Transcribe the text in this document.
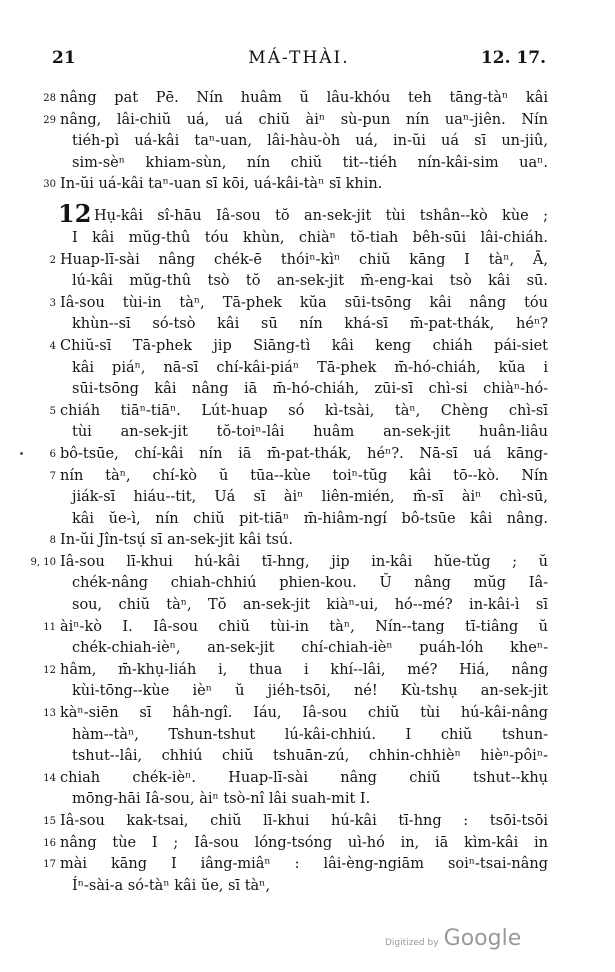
21	MÁ-THÀI.	12. 17.
28 nâng pat Pē. Nín huâm ŭ lâu-khóu teh tāng-tàⁿ kâi
29 nâng, lâi-chiŭ uá, uá chiŭ àiⁿ sù-pun nín uaⁿ-jiên. Nín
tiéh-pì uá-kâi taⁿ-uan, lâi-hàu-òh uá, in-ŭi uá sī un-jiû,
sim-sèⁿ khiam-sùn, nín chiŭ tit--tiéh nín-kâi-sim uaⁿ.
30 In-ŭi uá-kâi taⁿ-uan sī kōi, uá-kâi-tàⁿ sī khin.
12 Hụ-kâi sî-hāu Iâ-sou tŏ an-sek-jit tùi tshân--kò kùe ;
I kâi mŭg-thû tóu khùn, chiàⁿ tŏ-tiah bêh-sūi lâi-chiáh.
2 Huap-lī-sài nâng chék-ē thóiⁿ-kìⁿ chiŭ kāng I tàⁿ, Ā,
lú-kâi mŭg-thû tsò tŏ an-sek-jit m̄-eng-kai tsò kâi sū.
3 Iâ-sou tùi-in tàⁿ, Tā-phek kŭa sūi-tsōng kâi nâng tóu
khùn--sī só-tsò kâi sū nín khá-sī m̄-pat-thák, héⁿ?
4 Chiŭ-sī Tā-phek jip Siāng-tì kâi keng chiáh pái-siet
kâi piáⁿ, nā-sī chí-kâi-piáⁿ Tā-phek m̄-hó-chiáh, kŭa i
sūi-tsōng kâi nâng iā m̄-hó-chiáh, zūi-sī chì-si chiàⁿ-hó-
5 chiáh tiāⁿ-tiāⁿ. Lút-huap só kì-tsài, tàⁿ, Chèng chì-sī
tùi an-sek-jit tŏ-toiⁿ-lâi huâm an-sek-jit huân-liâu
6 bô-tsūe, chí-kâi nín iā m̄-pat-thák, héⁿ?. Nā-sī uá kāng-
7 nín tàⁿ, chí-kò ŭ tūa--kùe toiⁿ-tŭg kâi tō--kò. Nín
jiák-sī hiáu--tit, Uá sī àiⁿ liên-mién, m̄-sī àiⁿ chì-sū,
kâi ŭe-ì, nín chiŭ pit-tiāⁿ m̄-hiâm-ngí bô-tsūe kâi nâng.
8 In-ŭi Jîn-tsụ́ sī an-sek-jit kâi tsú.
9, 10 Iâ-sou lī-khui hú-kâi tī-hng, jip in-kâi hŭe-tŭg ; ŭ
chék-nâng chiah-chhiú phien-kou. Ŭ nâng mŭg Iâ-
sou, chiŭ tàⁿ, Tŏ an-sek-jit kiàⁿ-ui, hó--mé? in-kâi-ì sī
11 àiⁿ-kò I. Iâ-sou chiŭ tùi-in tàⁿ, Nín--tang tī-tiâng ŭ
chék-chiah-ièⁿ, an-sek-jit chí-chiah-ièⁿ puáh-lóh kheⁿ-
12 hâm, m̄-khụ-liáh i, thua i khí--lâi, mé? Hiá, nâng
kùi-tōng--kùe ièⁿ ŭ jiéh-tsōi, né! Kù-tshụ an-sek-jit
13 kàⁿ-siēn sī hâh-ngî. Iáu, Iâ-sou chiŭ tùi hú-kâi-nâng
hàm--tàⁿ, Tshun-tshut lú-kâi-chhiú. I chiŭ tshun-
tshut--lâi, chhiú chiŭ tshuān-zú, chhin-chhièⁿ hièⁿ-pôiⁿ-
14 chiah chék-ièⁿ. Huap-lī-sài nâng chiŭ tshut--khụ
mōng-hāi Iâ-sou, àiⁿ tsò-nî lâi suah-mit I.
15 Iâ-sou kak-tsai, chiŭ lī-khui hú-kâi tī-hng : tsōi-tsōi
16 nâng tùe I ; Iâ-sou lóng-tsóng uì-hó in, iā kìm-kâi in
17 mài kāng I iâng-miâⁿ : lâi-èng-ngiām soiⁿ-tsai-nâng
Íⁿ-sài-a só-tàⁿ kâi ŭe, sī tàⁿ,
Digitized by Google
